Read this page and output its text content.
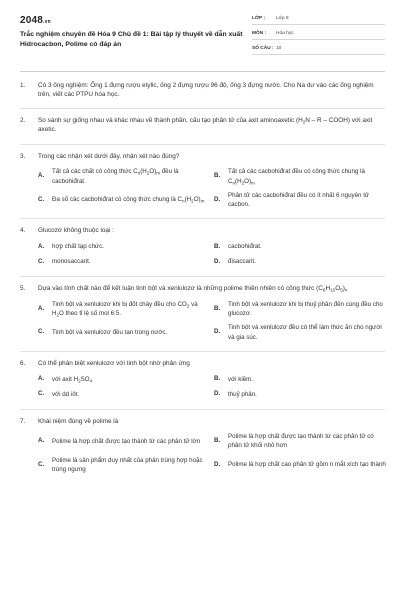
2048.vn
Trắc nghiệm chuyên đề Hóa 9 Chủ đề 1: Bài tập lý thuyết về dẫn xuất Hidrocacbon, Polime có đáp án
LỚP : Lớp 9
MÔN : Hóa học
SỐ CÂU : 10
1.	Có 3 ống nghiệm: Ống 1 đựng rượu etylic, ống 2 đựng rượu 96 độ, ống 3 đựng nước. Cho Na dư vào các ống nghiệm trên, viết các PTPU hóa học.
2.	So sánh sự giống nhau và khác nhau về thành phần, cấu tạo phân tử của axit aminoaxetic ($H_2N$ – R – COOH) với axit axetic.
3.	Trong các nhận xét dưới đây, nhận xét nào đúng?
A.
Tất cả các chất có công thức $C_n(H_2O)_m$ đều là cacbohiđrat.
B.
Tất cả các cacbohiđrat đều có công thức chung là $C_n(H_2O)_m$
C.	Đa số các cacbohiđrat có công thức chung là $C_n(H_2O)_m$ D.
Phân tử các cacbohiđrat đều có ít nhất 6 nguyên tử cacbon.
4.	Glucozơ không thuộc loại :
A.	hợp chất tạp chức.	B.	cacbohiđrat.
C.	monosaccarit.	D.	đisaccarit.
5.	Dựa vào tính chất nào để kết luận tinh bột và xenlulozơ là những polime thiên nhiên có công thức $(C_6H_{10}O_5)_n$
A.
Tinh bột và xenlulozơ khi bị đốt cháy đều cho $CO_2$ và $H_2O$ theo tỉ lệ số mol 6:5.
B.
Tinh bột và xenlulozơ khi bị thuỷ phân đến cùng đều cho glucozơ.
C.	Tinh bột và xenlulozơ đều tan trong nước.	D.
Tinh bột và xenlulozơ đều có thể làm thức ăn cho người và gia súc.
6.	Có thể phân biệt xenlulozơ với tinh bột nhờ phản ứng
A.	với axit $H_2SO_4$	B.	với kiềm.
C.	với dd iôt.	D.	thuỷ phân.
7.	Khái niệm đúng về polime là
A.	Polime là hợp chất được tạo thành từ các phân tử lớn B.
Polime là hợp chất được tạo thành từ các phân tử có phân tử khối nhỏ hơn
C.
Polime là sản phẩm duy nhất của phản trùng hợp hoặc trùng ngưng
D.	Polime là hợp chất cao phân tử gồm n mắt xích tạo thành
